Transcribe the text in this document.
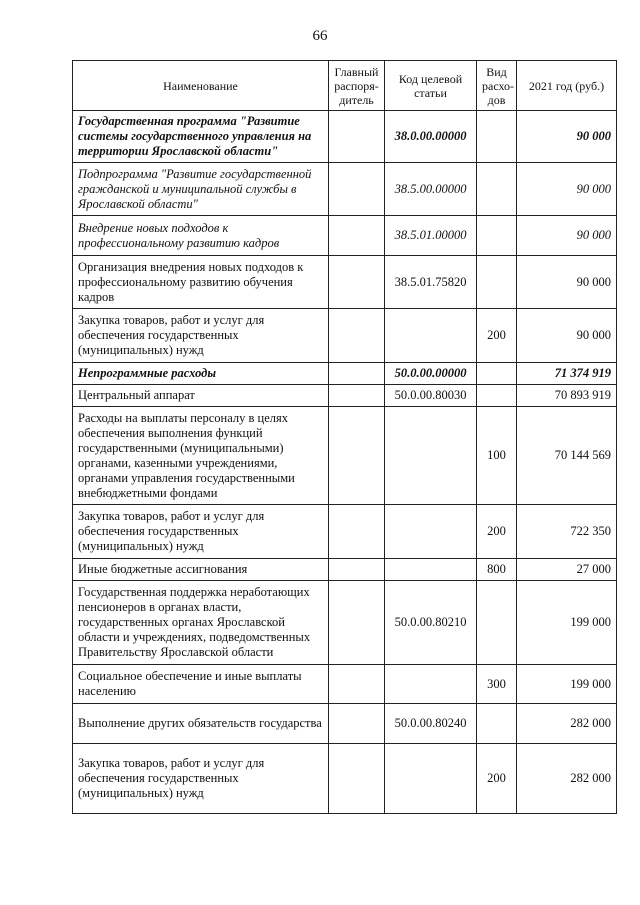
66
Наименование	Главный распоря-дитель	Код целевой статьи	Вид расхо-дов	2021 год (руб.)
Государственная программа "Развитие системы государственного управления на территории Ярославской области"		38.0.00.00000		90 000
Подпрограмма "Развитие государственной гражданской и муниципальной службы в Ярославской области"		38.5.00.00000		90 000
Внедрение новых подходов к профессиональному развитию кадров		38.5.01.00000		90 000
Организация внедрения новых подходов к профессиональному развитию обучения кадров		38.5.01.75820		90 000
Закупка товаров, работ и услуг для обеспечения государственных (муниципальных) нужд			200	90 000
Непрограммные расходы		50.0.00.00000		71 374 919
Центральный аппарат		50.0.00.80030		70 893 919
Расходы на выплаты персоналу в целях обеспечения выполнения функций государственными (муниципальными) органами, казенными учреждениями, органами управления государственными внебюджетными фондами			100	70 144 569
Закупка товаров, работ и услуг для обеспечения государственных (муниципальных) нужд			200	722 350
Иные бюджетные ассигнования			800	27 000
Государственная поддержка неработающих пенсионеров в органах власти, государственных органах Ярославской области и учреждениях, подведомственных Правительству Ярославской области		50.0.00.80210		199 000
Социальное обеспечение и иные выплаты населению			300	199 000
Выполнение других обязательств государства		50.0.00.80240		282 000
Закупка товаров, работ и услуг для обеспечения государственных (муниципальных) нужд			200	282 000
